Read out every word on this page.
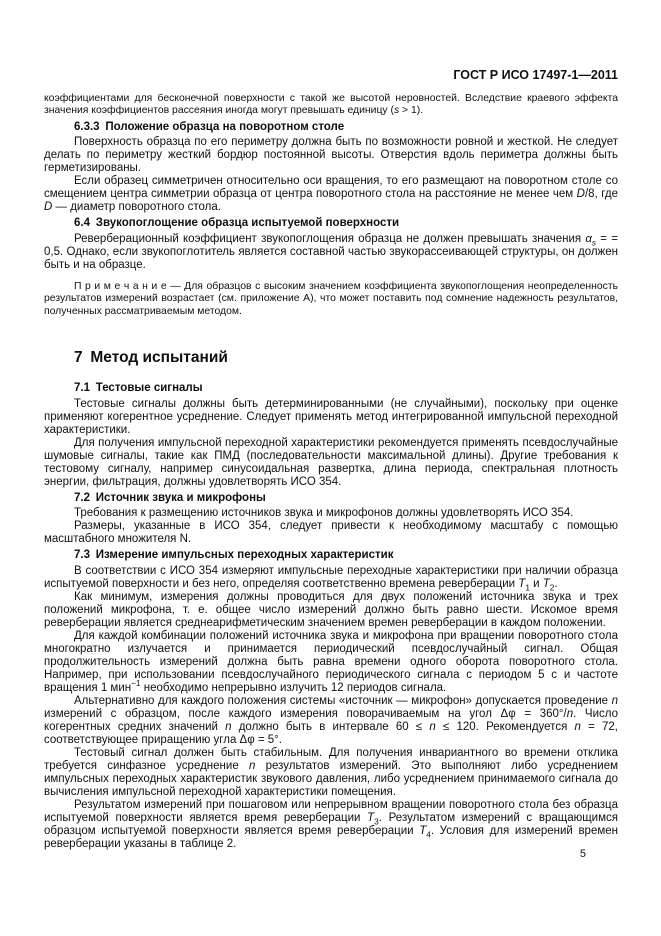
ГОСТ Р ИСО 17497-1—2011

коэффициентами для бесконечной поверхности с такой же высотой неровностей. Вследствие краевого эффекта значения коэффициентов рассеяния иногда могут превышать единицу (s > 1).

6.3.3 Положение образца на поворотном столе

Поверхность образца по его периметру должна быть по возможности ровной и жесткой. Не следует делать по периметру жесткий бордюр постоянной высоты. Отверстия вдоль периметра должны быть герметизированы.

Если образец симметричен относительно оси вращения, то его размещают на поворотном столе со смещением центра симметрии образца от центра поворотного стола на расстояние не менее чем D/8, где D — диаметр поворотного стола.

6.4 Звукопоглощение образца испытуемой поверхности

Реверберационный коэффициент звукопоглощения образца не должен превышать значения $\alpha_s$ = = 0,5. Однако, если звукопоглотитель является составной частью звукорассеивающей структуры, он должен быть и на образце.

П р и м е ч а н и е — Для образцов с высоким значением коэффициента звукопоглощения неопределенность результатов измерений возрастает (см. приложение А), что может поставить под сомнение надежность результатов, полученных рассматриваемым методом.

7 Метод испытаний

7.1 Тестовые сигналы

Тестовые сигналы должны быть детерминированными (не случайными), поскольку при оценке применяют когерентное усреднение. Следует применять метод интегрированной импульсной переходной характеристики.

Для получения импульсной переходной характеристики рекомендуется применять псевдослучайные шумовые сигналы, такие как ПМД (последовательности максимальной длины). Другие требования к тестовому сигналу, например синусоидальная развертка, длина периода, спектральная плотность энергии, фильтрация, должны удовлетворять ИСО 354.

7.2 Источник звука и микрофоны

Требования к размещению источников звука и микрофонов должны удовлетворять ИСО 354.

Размеры, указанные в ИСО 354, следует привести к необходимому масштабу с помощью масштабного множителя N.

7.3 Измерение импульсных переходных характеристик

В соответствии с ИСО 354 измеряют импульсные переходные характеристики при наличии образца испытуемой поверхности и без него, определяя соответственно времена реверберации $T_1$ и $T_2$.

Как минимум, измерения должны проводиться для двух положений источника звука и трех положений микрофона, т. е. общее число измерений должно быть равно шести. Искомое время реверберации является среднеарифметическим значением времен реверберации в каждом положении.

Для каждой комбинации положений источника звука и микрофона при вращении поворотного стола многократно излучается и принимается периодический псевдослучайный сигнал. Общая продолжительность измерений должна быть равна времени одного оборота поворотного стола. Например, при использовании псевдослучайного периодического сигнала с периодом 5 с и частоте вращения 1 мин$^{-1}$ необходимо непрерывно излучить 12 периодов сигнала.

Альтернативно для каждого положения системы «источник — микрофон» допускается проведение n измерений с образцом, после каждого измерения поворачиваемым на угол Δφ = 360°/n. Число когерентных средних значений n должно быть в интервале 60 ≤ n ≤ 120. Рекомендуется n = 72, соответствующее приращению угла Δφ = 5°.

Тестовый сигнал должен быть стабильным. Для получения инвариантного во времени отклика требуется синфазное усреднение n результатов измерений. Это выполняют либо усреднением импульсных переходных характеристик звукового давления, либо усреднением принимаемого сигнала до вычисления импульсной переходной характеристики помещения.

Результатом измерений при пошаговом или непрерывном вращении поворотного стола без образца испытуемой поверхности является время реверберации $T_3$. Результатом измерений с вращающимся образцом испытуемой поверхности является время реверберации $T_4$. Условия для измерений времен реверберации указаны в таблице 2.

5
